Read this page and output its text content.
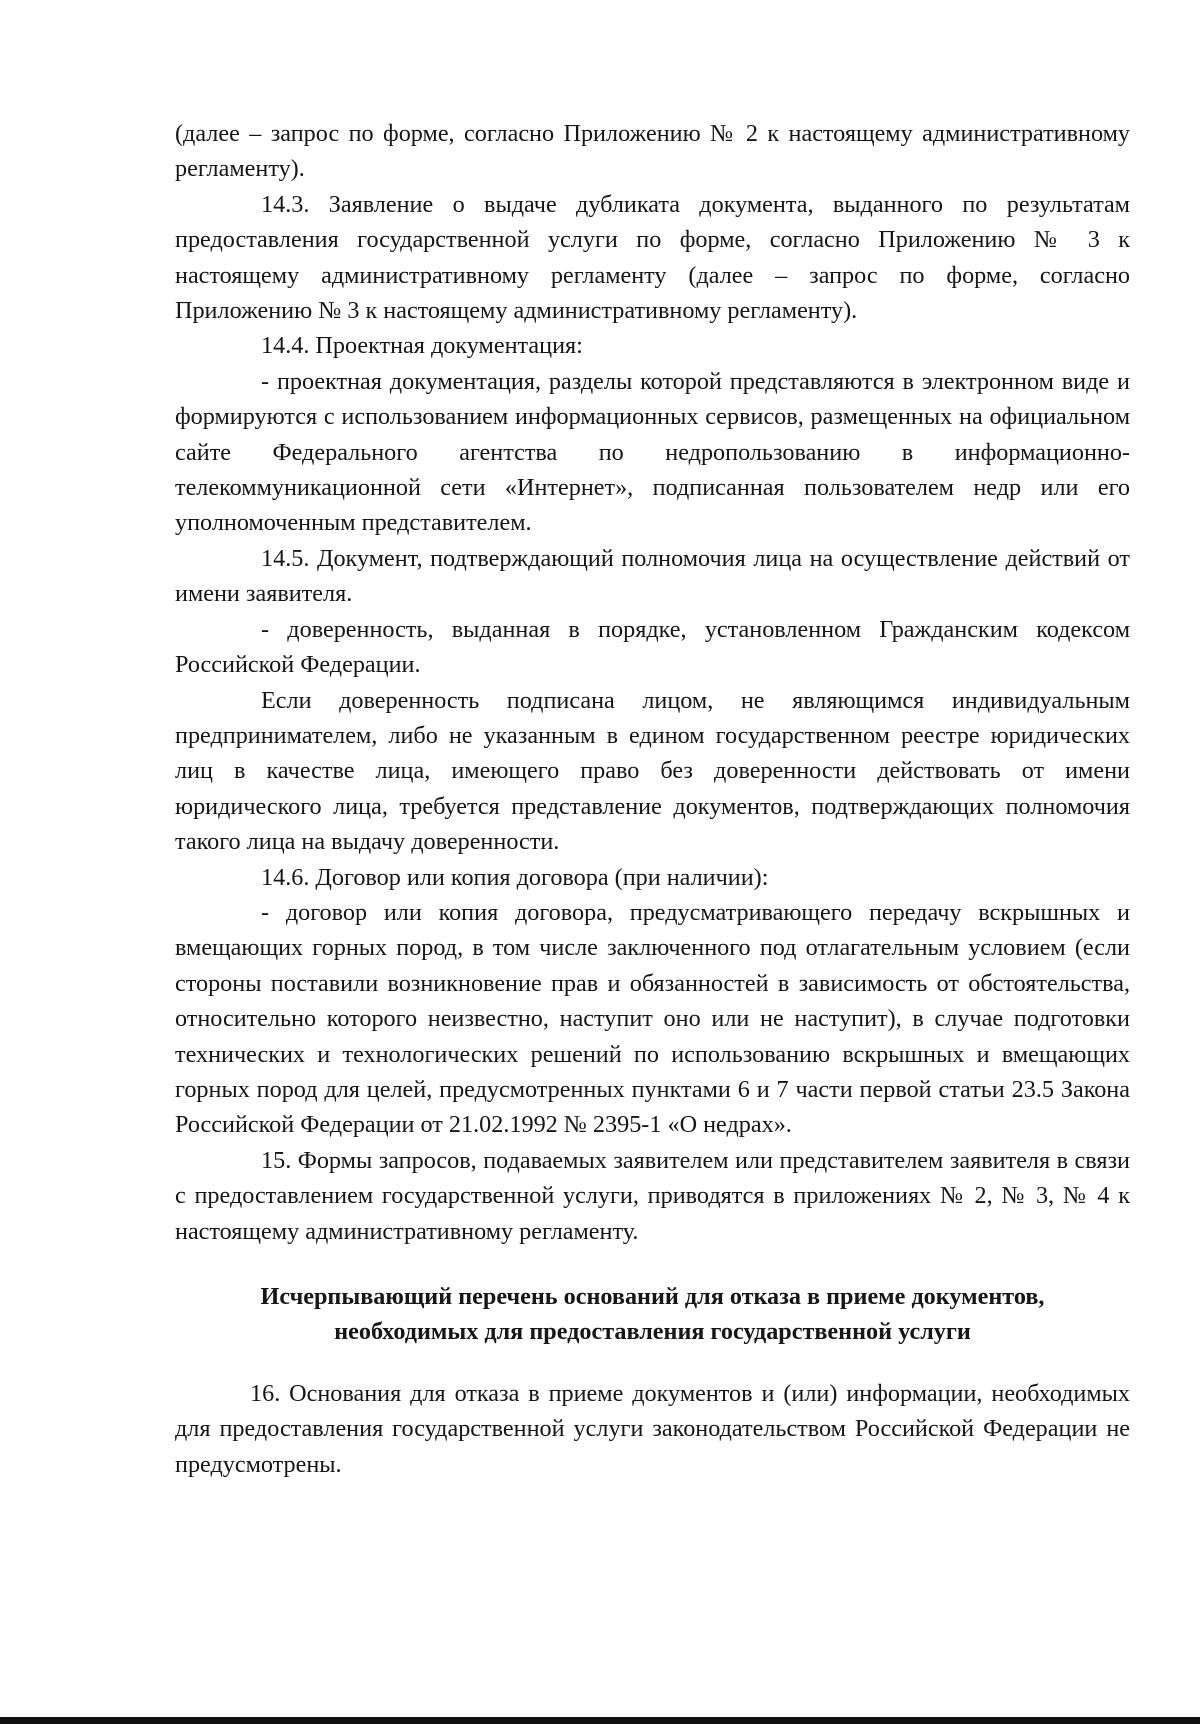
(далее – запрос по форме, согласно Приложению № 2 к настоящему административному регламенту).

14.3. Заявление о выдаче дубликата документа, выданного по результатам предоставления государственной услуги по форме, согласно Приложению № 3 к настоящему административному регламенту (далее – запрос по форме, согласно Приложению № 3 к настоящему административному регламенту).

14.4. Проектная документация:

- проектная документация, разделы которой представляются в электронном виде и формируются с использованием информационных сервисов, размещенных на официальном сайте Федерального агентства по недропользованию в информационно-телекоммуникационной сети «Интернет», подписанная пользователем недр или его уполномоченным представителем.

14.5. Документ, подтверждающий полномочия лица на осуществление действий от имени заявителя.

- доверенность, выданная в порядке, установленном Гражданским кодексом Российской Федерации.

Если доверенность подписана лицом, не являющимся индивидуальным предпринимателем, либо не указанным в едином государственном реестре юридических лиц в качестве лица, имеющего право без доверенности действовать от имени юридического лица, требуется представление документов, подтверждающих полномочия такого лица на выдачу доверенности.

14.6. Договор или копия договора (при наличии):

- договор или копия договора, предусматривающего передачу вскрышных и вмещающих горных пород, в том числе заключенного под отлагательным условием (если стороны поставили возникновение прав и обязанностей в зависимость от обстоятельства, относительно которого неизвестно, наступит оно или не наступит), в случае подготовки технических и технологических решений по использованию вскрышных и вмещающих горных пород для целей, предусмотренных пунктами 6 и 7 части первой статьи 23.5 Закона Российской Федерации от 21.02.1992 № 2395-1 «О недрах».

15. Формы запросов, подаваемых заявителем или представителем заявителя в связи с предоставлением государственной услуги, приводятся в приложениях № 2, № 3, № 4 к настоящему административному регламенту.

Исчерпывающий перечень оснований для отказа в приеме документов, необходимых для предоставления государственной услуги

16. Основания для отказа в приеме документов и (или) информации, необходимых для предоставления государственной услуги законодательством Российской Федерации не предусмотрены.
